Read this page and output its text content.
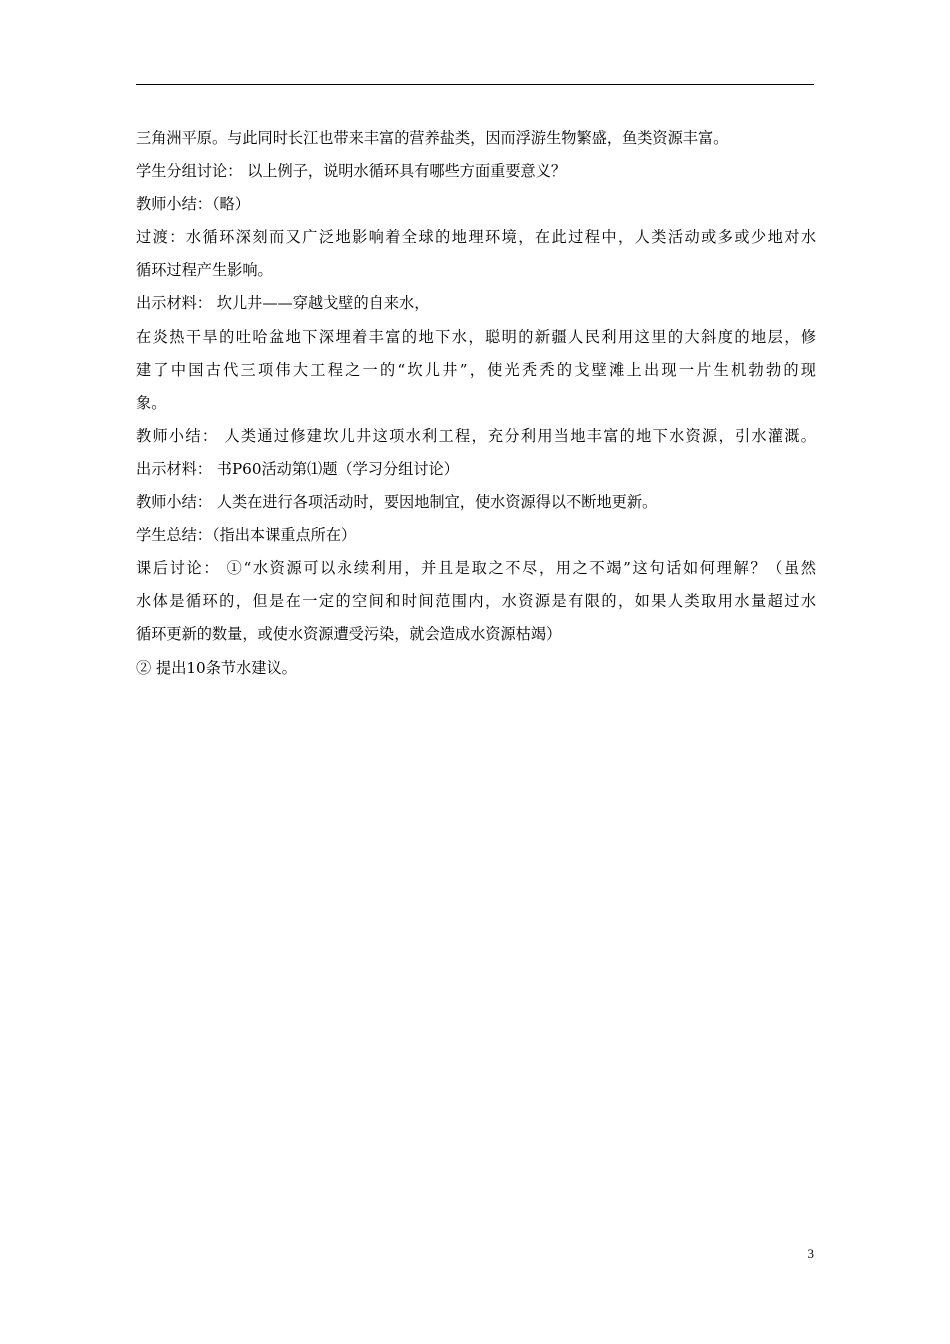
三角洲平原。与此同时长江也带来丰富的营养盐类，因而浮游生物繁盛，鱼类资源丰富。
学生分组讨论： 以上例子，说明水循环具有哪些方面重要意义？
教师小结：（略）
过渡：水循环深刻而又广泛地影响着全球的地理环境，在此过程中，人类活动或多或少地对水
循环过程产生影响。
出示材料： 坎儿井——穿越戈壁的自来水，
在炎热干旱的吐哈盆地下深埋着丰富的地下水，聪明的新疆人民利用这里的大斜度的地层，修
建了中国古代三项伟大工程之一的“坎儿井”，使光秃秃的戈壁滩上出现一片生机勃勃的现
象。
教师小结： 人类通过修建坎儿井这项水利工程，充分利用当地丰富的地下水资源，引水灌溉。
出示材料： 书P60活动第⑴题（学习分组讨论）
教师小结： 人类在进行各项活动时，要因地制宜，使水资源得以不断地更新。
学生总结：（指出本课重点所在）
课后讨论： ①“水资源可以永续利用，并且是取之不尽，用之不竭”这句话如何理解？（虽然
水体是循环的，但是在一定的空间和时间范围内，水资源是有限的，如果人类取用水量超过水
循环更新的数量，或使水资源遭受污染，就会造成水资源枯竭）
② 提出10条节水建议。
3
